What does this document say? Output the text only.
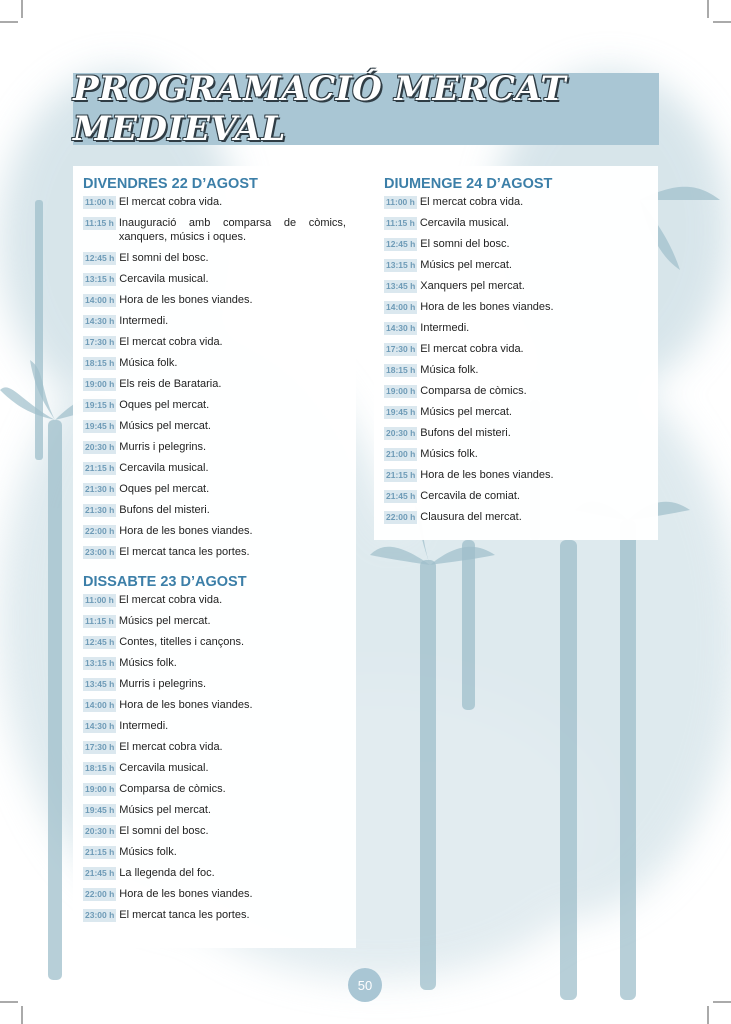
PROGRAMACIÓ MERCAT MEDIEVAL
DIVENDRES 22 D’AGOST
11:00 h El mercat cobra vida.
11:15 h Inauguració amb comparsa de còmics, xanquers, músics i oques.
12:45 h El somni del bosc.
13:15 h Cercavila musical.
14:00 h Hora de les bones viandes.
14:30 h Intermedi.
17:30 h El mercat cobra vida.
18:15 h Música folk.
19:00 h Els reis de Barataria.
19:15 h Oques pel mercat.
19:45 h Músics pel mercat.
20:30 h Murris i pelegrins.
21:15 h Cercavila musical.
21:30 h Oques pel mercat.
21:30 h Bufons del misteri.
22:00 h Hora de les bones viandes.
23:00 h El mercat tanca les portes.
DISSABTE 23 D’AGOST
11:00 h El mercat cobra vida.
11:15 h Músics pel mercat.
12:45 h Contes, titelles i cançons.
13:15 h Músics folk.
13:45 h Murris i pelegrins.
14:00 h Hora de les bones viandes.
14:30 h Intermedi.
17:30 h El mercat cobra vida.
18:15 h Cercavila musical.
19:00 h Comparsa de còmics.
19:45 h Músics pel mercat.
20:30 h El somni del bosc.
21:15 h Músics folk.
21:45 h La llegenda del foc.
22:00 h Hora de les bones viandes.
23:00 h El mercat tanca les portes.
DIUMENGE 24 D’AGOST
11:00 h El mercat cobra vida.
11:15 h Cercavila musical.
12:45 h El somni del bosc.
13:15 h Músics pel mercat.
13:45 h Xanquers pel mercat.
14:00 h Hora de les bones viandes.
14:30 h Intermedi.
17:30 h El mercat cobra vida.
18:15 h Música folk.
19:00 h Comparsa de còmics.
19:45 h Músics pel mercat.
20:30 h Bufons del misteri.
21:00 h Músics folk.
21:15 h Hora de les bones viandes.
21:45 h Cercavila de comiat.
22:00 h Clausura del mercat.
50
